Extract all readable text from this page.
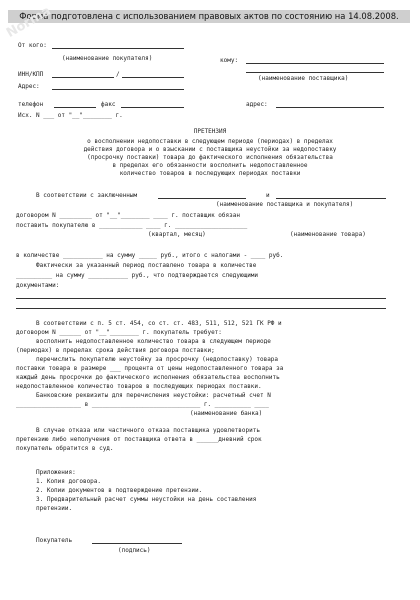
Форма подготовлена с использованием правовых актов по состоянию на 14.08.2008.
Norma
От кого:
(наименование покупателя)
ИНН/КПП	/
Адрес:
телефон	факс
Исх. N ___ от "__"________ г.
кому:
(наименование поставщика)
адрес:
ПРЕТЕНЗИЯ
о восполнении недопоставки в следующем периоде (периодах) в пределах
действия договора и о взыскании с поставщика неустойки за недопоставку
(просрочку поставки) товара до фактического исполнения обязательства
в пределах его обязанности восполнить недопоставленное
количество товаров в последующих периодах поставки
В соответствии с заключенным	и
(наименование поставщика и покупателя)
договором N _________ от "__"________ ____ г. поставщик обязан
поставить покупателю в ____________ ____ г. ____________________
(квартал, месяц)	(наименование товара)
в количестве ___________ на сумму _____ руб., итого с налогами - ____ руб.
Фактически за указанный период поставлено товара в количестве
__________ на сумму ___________ руб., что подтверждается следующими
документами:
В соответствии с п. 5 ст. 454, со ст. ст. 483, 511, 512, 521 ГК РФ и
договором N ______ от "__"________ г. покупатель требует:
восполнить недопоставленное количество товара в следующем периоде
(периодах) в пределах срока действия договора поставки;
перечислить покупателю неустойку за просрочку (недопоставку) товара
поставки товара в размере ___ процента от цены недопоставленного товара за
каждый день просрочки до фактического исполнения обязательства восполнить
недопоставленное количество товаров в последующих периодах поставки.
Банковские реквизиты для перечисления неустойки: расчетный счет N
__________________ в ______________________________ г. __________ ____
(наименование банка)
В случае отказа или частичного отказа поставщика удовлетворить
претензию либо неполучения от поставщика ответа в ______дневний срок
покупатель обратится в суд.
Приложения:
1. Копия договора.
2. Копии документов в подтверждение претензии.
3. Предварительный расчет суммы неустойки на день составления
претензии.
Покупатель
(подпись)
